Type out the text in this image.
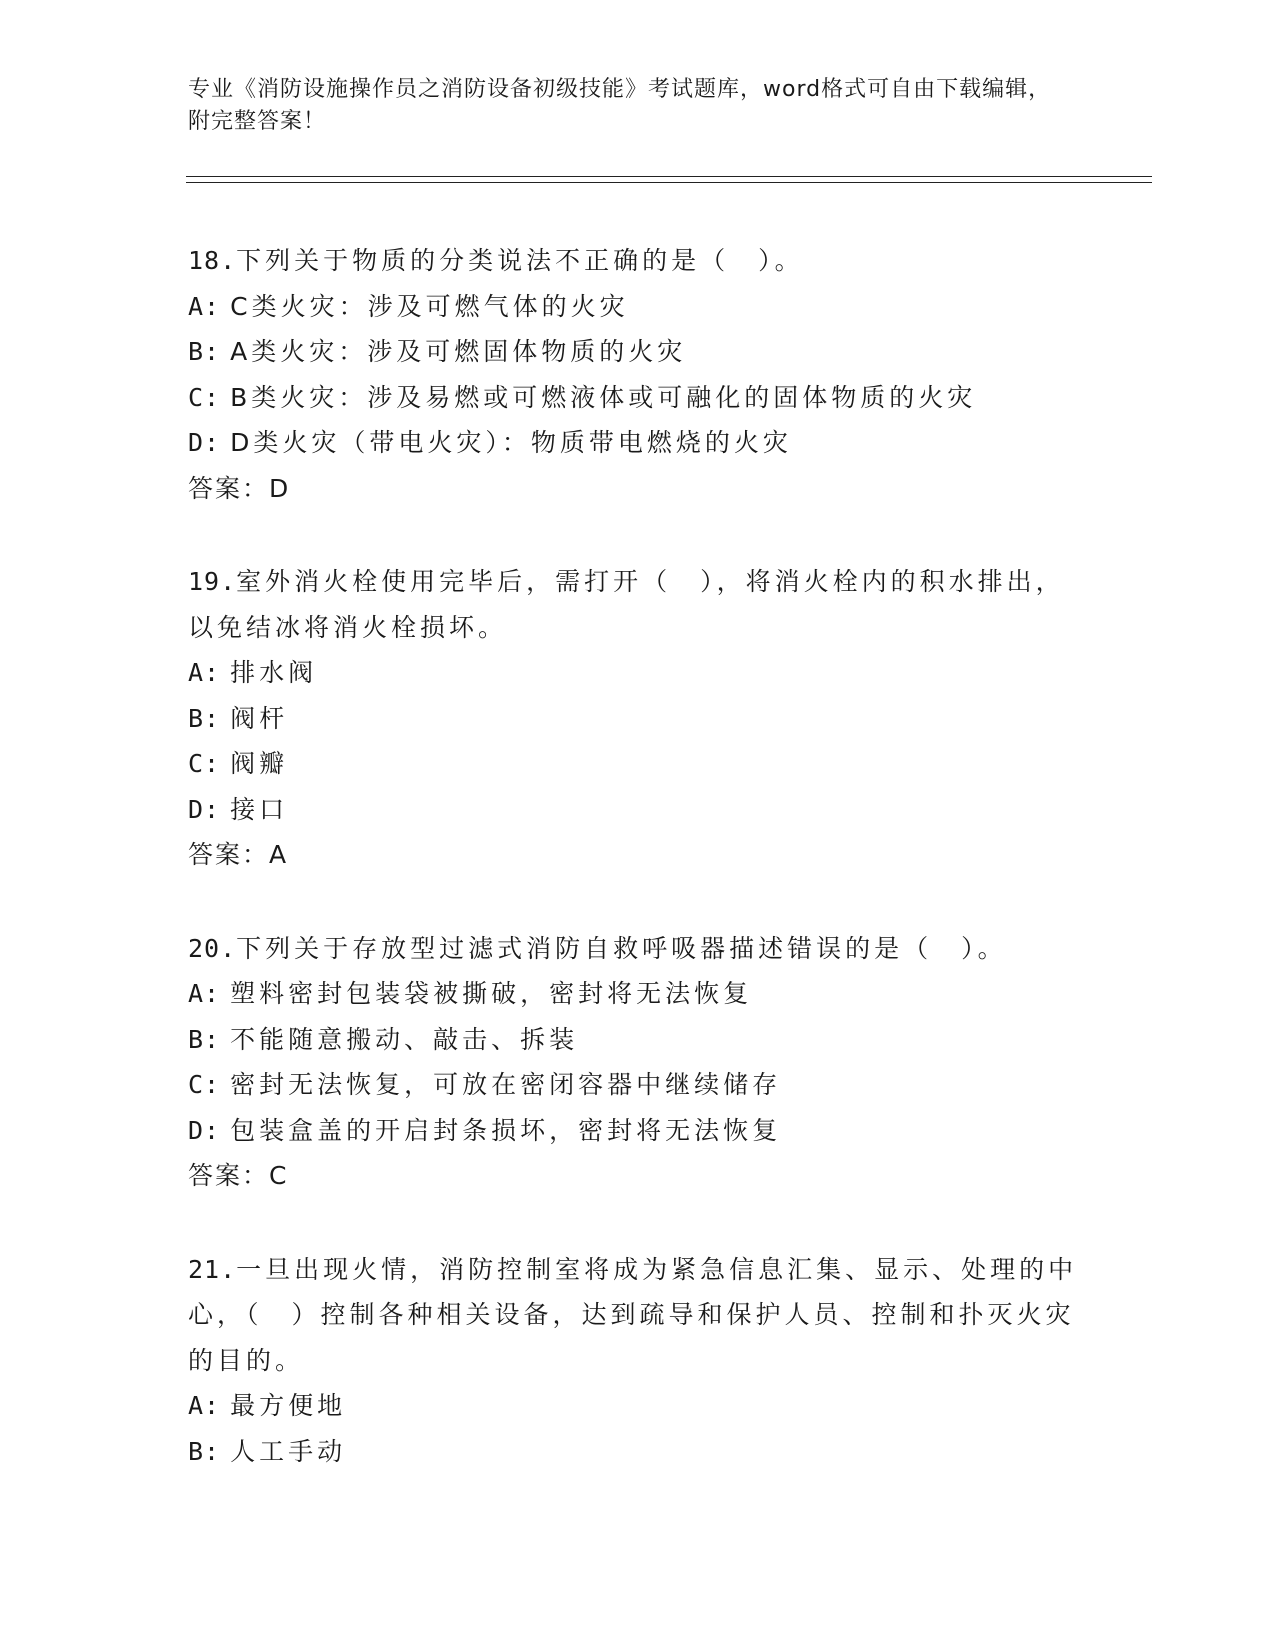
专业《消防设施操作员之消防设备初级技能》考试题库，word格式可自由下载编辑，附完整答案！
18.下列关于物质的分类说法不正确的是（　）。
A: C类火灾：涉及可燃气体的火灾
B: A类火灾：涉及可燃固体物质的火灾
C: B类火灾：涉及易燃或可燃液体或可融化的固体物质的火灾
D: D类火灾（带电火灾）：物质带电燃烧的火灾
答案：D
19.室外消火栓使用完毕后，需打开（　），将消火栓内的积水排出，以免结冰将消火栓损坏。
A: 排水阀
B: 阀杆
C: 阀瓣
D: 接口
答案：A
20.下列关于存放型过滤式消防自救呼吸器描述错误的是（　）。
A: 塑料密封包装袋被撕破，密封将无法恢复
B: 不能随意搬动、敲击、拆装
C: 密封无法恢复，可放在密闭容器中继续储存
D: 包装盒盖的开启封条损坏，密封将无法恢复
答案：C
21.一旦出现火情，消防控制室将成为紧急信息汇集、显示、处理的中心，（　）控制各种相关设备，达到疏导和保护人员、控制和扑灭火灾的目的。
A: 最方便地
B: 人工手动
